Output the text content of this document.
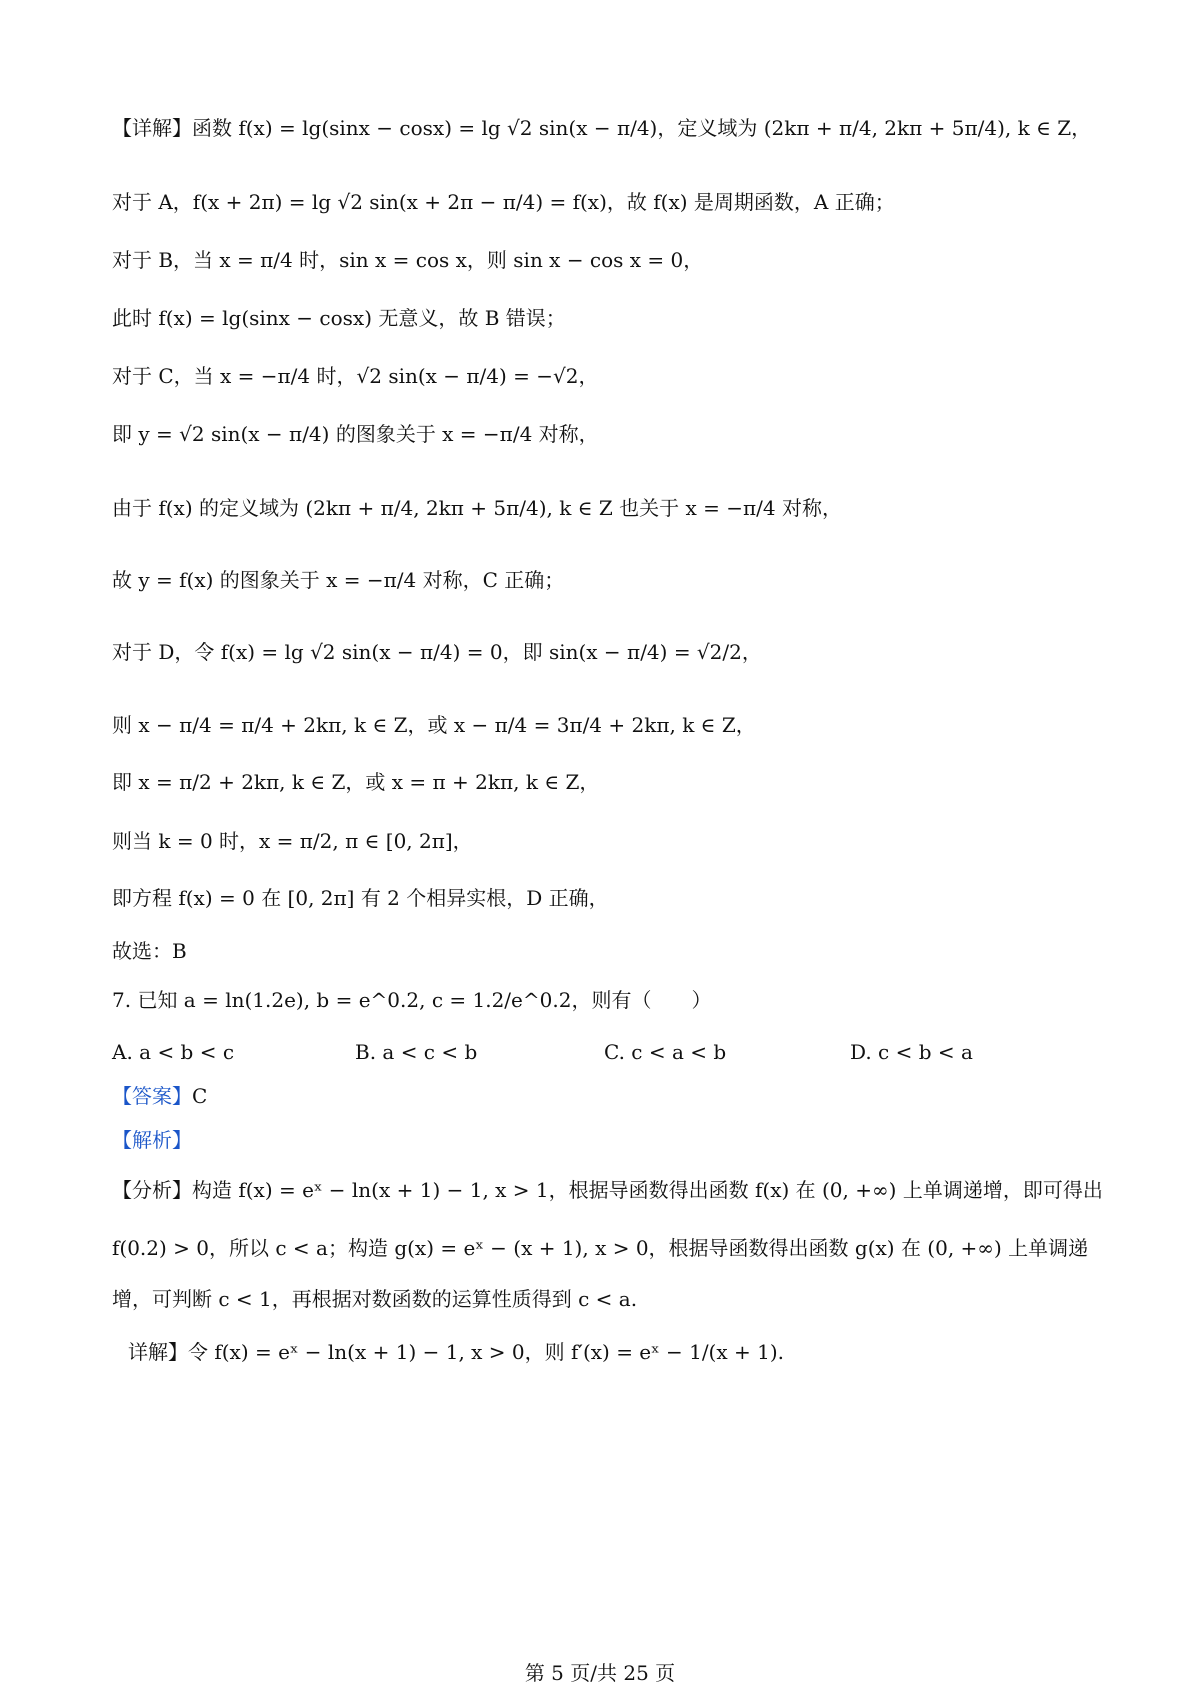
【详解】函数 f(x) = lg(sinx − cosx) = lg √2 sin(x − π/4)，定义域为 (2kπ + π/4, 2kπ + 5π/4), k ∈ Z，
对于 A，f(x + 2π) = lg √2 sin(x + 2π − π/4) = f(x)，故 f(x) 是周期函数，A 正确；
对于 B，当 x = π/4 时，sin x = cos x，则 sin x − cos x = 0，
此时 f(x) = lg(sinx − cosx) 无意义，故 B 错误；
对于 C，当 x = −π/4 时，√2 sin(x − π/4) = −√2，
即 y = √2 sin(x − π/4) 的图象关于 x = −π/4 对称，
由于 f(x) 的定义域为 (2kπ + π/4, 2kπ + 5π/4), k ∈ Z 也关于 x = −π/4 对称，
故 y = f(x) 的图象关于 x = −π/4 对称，C 正确；
对于 D，令 f(x) = lg √2 sin(x − π/4) = 0，即 sin(x − π/4) = √2/2，
则 x − π/4 = π/4 + 2kπ, k ∈ Z，或 x − π/4 = 3π/4 + 2kπ, k ∈ Z，
即 x = π/2 + 2kπ, k ∈ Z，或 x = π + 2kπ, k ∈ Z，
则当 k = 0 时，x = π/2, π ∈ [0, 2π]，
即方程 f(x) = 0 在 [0, 2π] 有 2 个相异实根，D 正确，
故选：B
7. 已知 a = ln(1.2e), b = e^0.2, c = 1.2/e^0.2，则有（　　）
A. a < b < c	B. a < c < b	C. c < a < b	D. c < b < a
【答案】C
【解析】
【分析】构造 f(x) = eˣ − ln(x + 1) − 1, x > 1，根据导函数得出函数 f(x) 在 (0, +∞) 上单调递增，即可得出
f(0.2) > 0，所以 c < a；构造 g(x) = eˣ − (x + 1), x > 0，根据导函数得出函数 g(x) 在 (0, +∞) 上单调递
增，可判断 c < 1，再根据对数函数的运算性质得到 c < a.
详解】令 f(x) = eˣ − ln(x + 1) − 1, x > 0，则 f′(x) = eˣ − 1/(x + 1).
第 5 页/共 25 页
